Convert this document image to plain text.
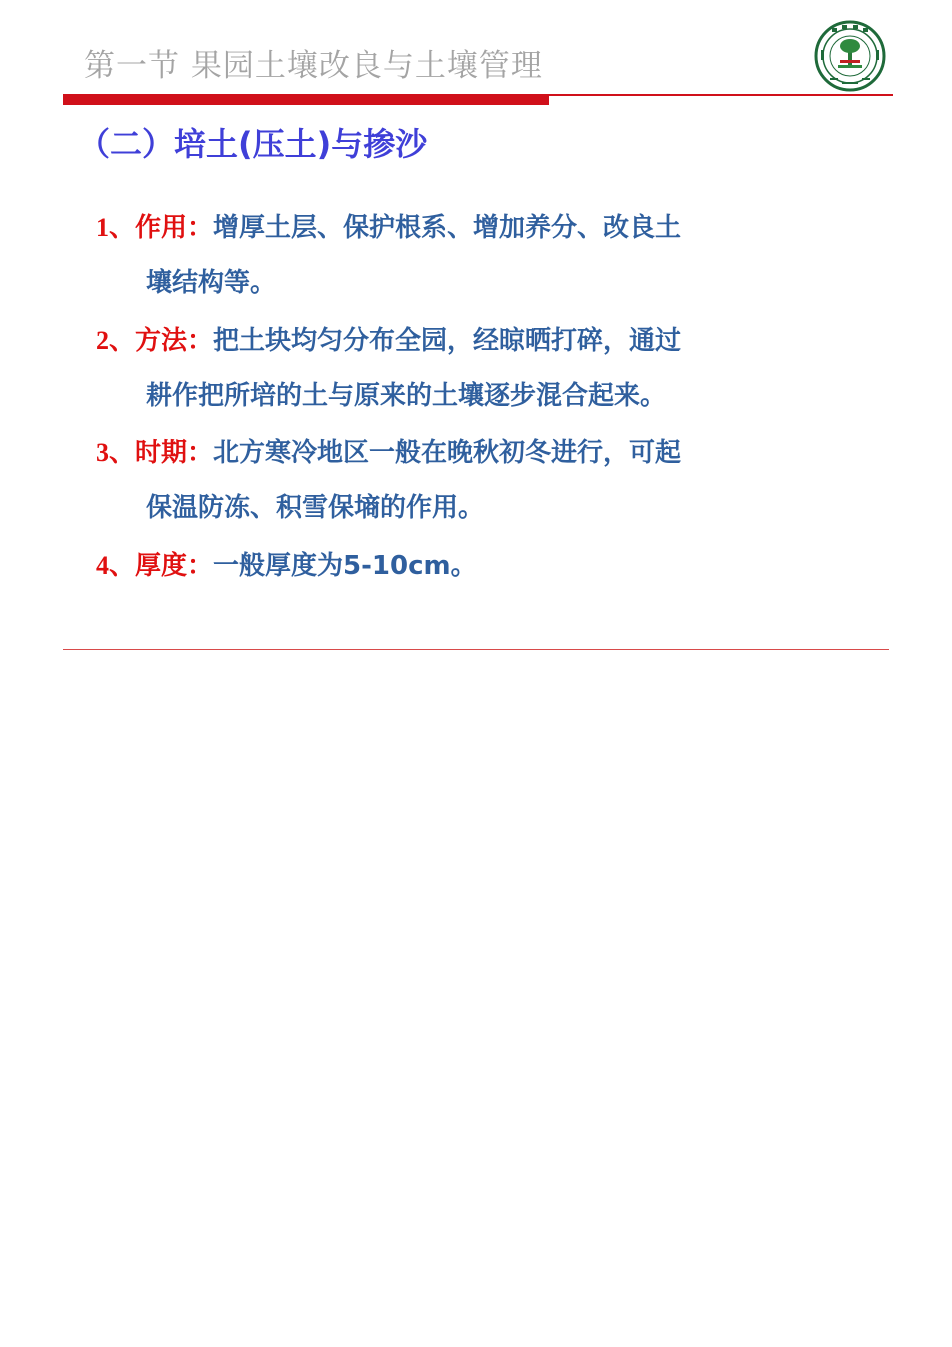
第一节 果园土壤改良与土壤管理
（二）培土(压土)与掺沙
1、作用：增厚土层、保护根系、增加养分、改良土
壤结构等。
2、方法：把土块均匀分布全园，经晾晒打碎，通过
耕作把所培的土与原来的土壤逐步混合起来。
3、时期：北方寒冷地区一般在晚秋初冬进行，可起
保温防冻、积雪保墒的作用。
4、厚度：一般厚度为5-10cm。
